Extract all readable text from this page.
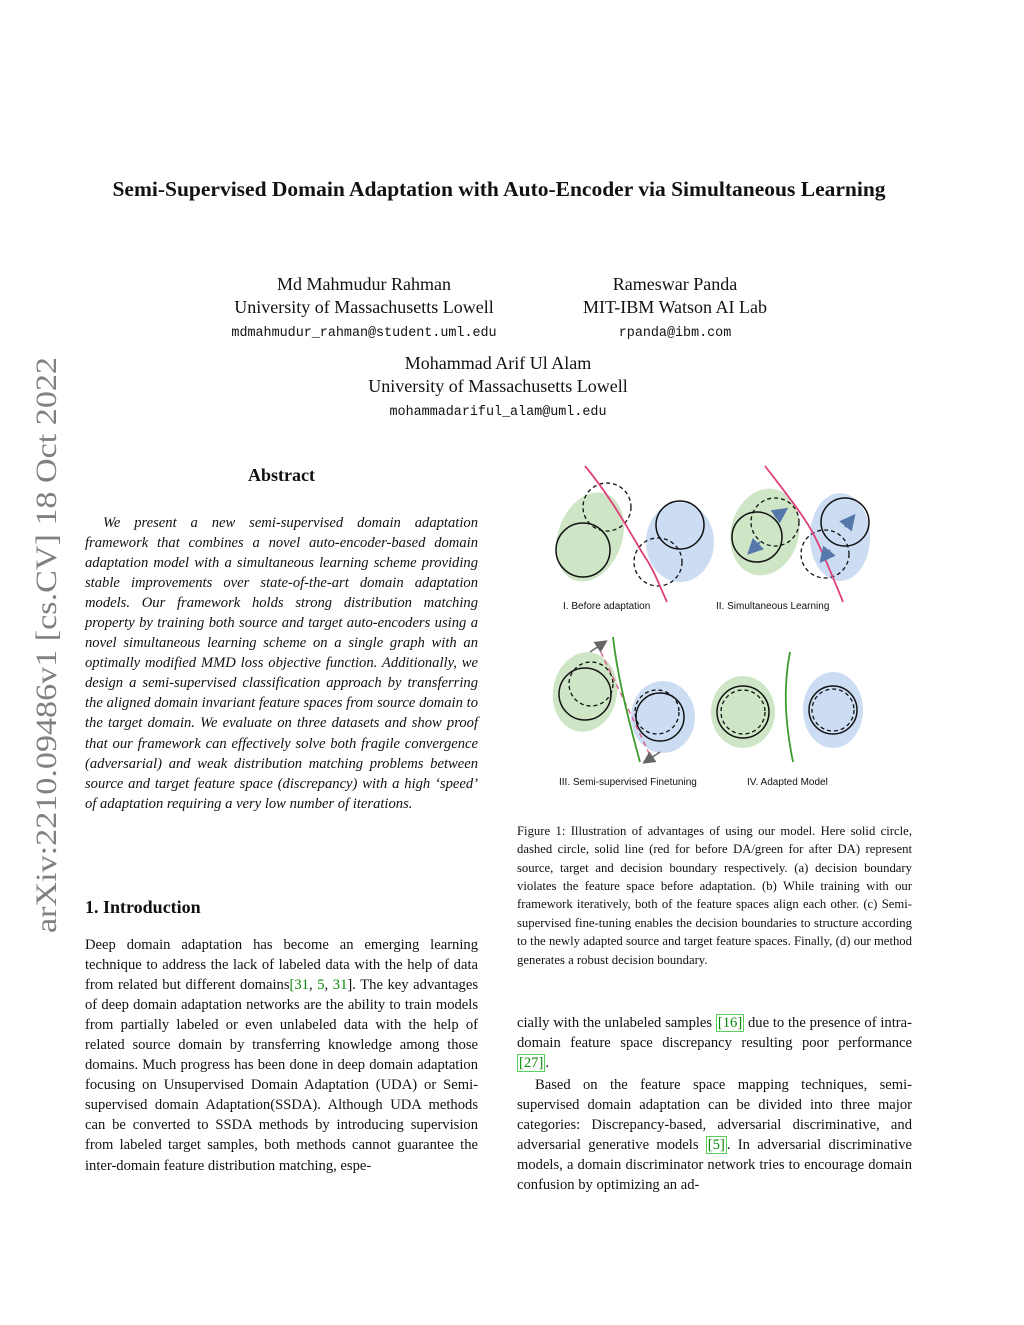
arXiv:2210.09486v1 [cs.CV] 18 Oct 2022
Semi-Supervised Domain Adaptation with Auto-Encoder via Simultaneous Learning
Md Mahmudur Rahman
University of Massachusetts Lowell
mdmahmudur_rahman@student.uml.edu
Rameswar Panda
MIT-IBM Watson AI Lab
rpanda@ibm.com
Mohammad Arif Ul Alam
University of Massachusetts Lowell
mohammadariful_alam@uml.edu
Abstract

We present a new semi-supervised domain adaptation framework that combines a novel auto-encoder-based domain adaptation model with a simultaneous learning scheme providing stable improvements over state-of-the-art domain adaptation models. Our framework holds strong distribution matching property by training both source and target auto-encoders using a novel simultaneous learning scheme on a single graph with an optimally modified MMD loss objective function. Additionally, we design a semi-supervised classification approach by transferring the aligned domain invariant feature spaces from source domain to the target domain. We evaluate on three datasets and show proof that our framework can effectively solve both fragile convergence (adversarial) and weak distribution matching problems between source and target feature space (discrepancy) with a high ‘speed’ of adaptation requiring a very low number of iterations.

1. Introduction

Deep domain adaptation has become an emerging learning technique to address the lack of labeled data with the help of data from related but different domains[31, 5, 31]. The key advantages of deep domain adaptation networks are the ability to train models from partially labeled or even unlabeled data with the help of related source domain by transferring knowledge among those domains. Much progress has been done in deep domain adaptation focusing on Unsupervised Domain Adaptation (UDA) or Semi-supervised domain Adaptation(SSDA). Although UDA methods can be converted to SSDA methods by introducing supervision from labeled target samples, both methods cannot guarantee the inter-domain feature distribution matching, espe-

cially with the unlabeled samples [16] due to the presence of intra-domain feature space discrepancy resulting poor performance [27] .

Based on the feature space mapping techniques, semi-supervised domain adaptation can be divided into three major categories: Discrepancy-based, adversarial discriminative, and adversarial generative models [5] . In adversarial discriminative models, a domain discriminator network tries to encourage domain confusion by optimizing an ad-

I. Before adaptation	II. Simultaneous Learning
III. Semi-supervised Finetuning	IV. Adapted Model

Figure 1: Illustration of advantages of using our model. Here solid circle, dashed circle, solid line (red for before DA/green for after DA) represent source, target and decision boundary respectively. (a) decision boundary violates the feature space before adaptation. (b) While training with our framework iteratively, both of the feature spaces align each other. (c) Semi-supervised fine-tuning enables the decision boundaries to structure according to the newly adapted source and target feature spaces. Finally, (d) our method generates a robust decision boundary.
